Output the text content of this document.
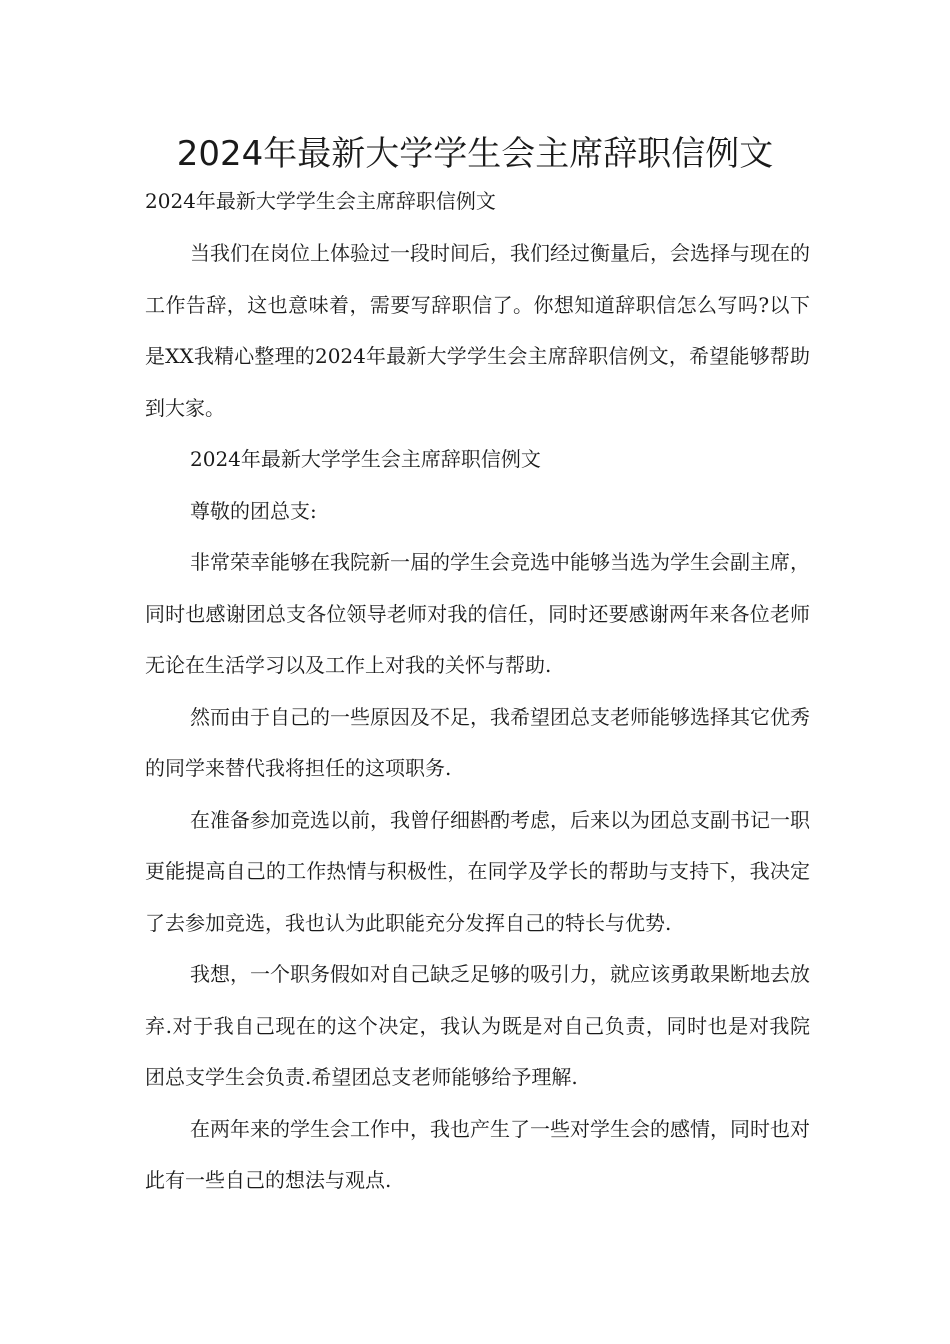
2024年最新大学学生会主席辞职信例文

2024年最新大学学生会主席辞职信例文

当我们在岗位上体验过一段时间后，我们经过衡量后，会选择与现在的工作告辞，这也意味着，需要写辞职信了。你想知道辞职信怎么写吗?以下是XX我精心整理的2024年最新大学学生会主席辞职信例文，希望能够帮助到大家。

2024年最新大学学生会主席辞职信例文

尊敬的团总支:

非常荣幸能够在我院新一届的学生会竞选中能够当选为学生会副主席，同时也感谢团总支各位领导老师对我的信任，同时还要感谢两年来各位老师无论在生活学习以及工作上对我的关怀与帮助.

然而由于自己的一些原因及不足，我希望团总支老师能够选择其它优秀的同学来替代我将担任的这项职务.

在准备参加竞选以前，我曾仔细斟酌考虑，后来以为团总支副书记一职更能提高自己的工作热情与积极性，在同学及学长的帮助与支持下，我决定了去参加竞选，我也认为此职能充分发挥自己的特长与优势.

我想，一个职务假如对自己缺乏足够的吸引力，就应该勇敢果断地去放弃.对于我自己现在的这个决定，我认为既是对自己负责，同时也是对我院团总支学生会负责.希望团总支老师能够给予理解.

在两年来的学生会工作中，我也产生了一些对学生会的感情，同时也对此有一些自己的想法与观点.
